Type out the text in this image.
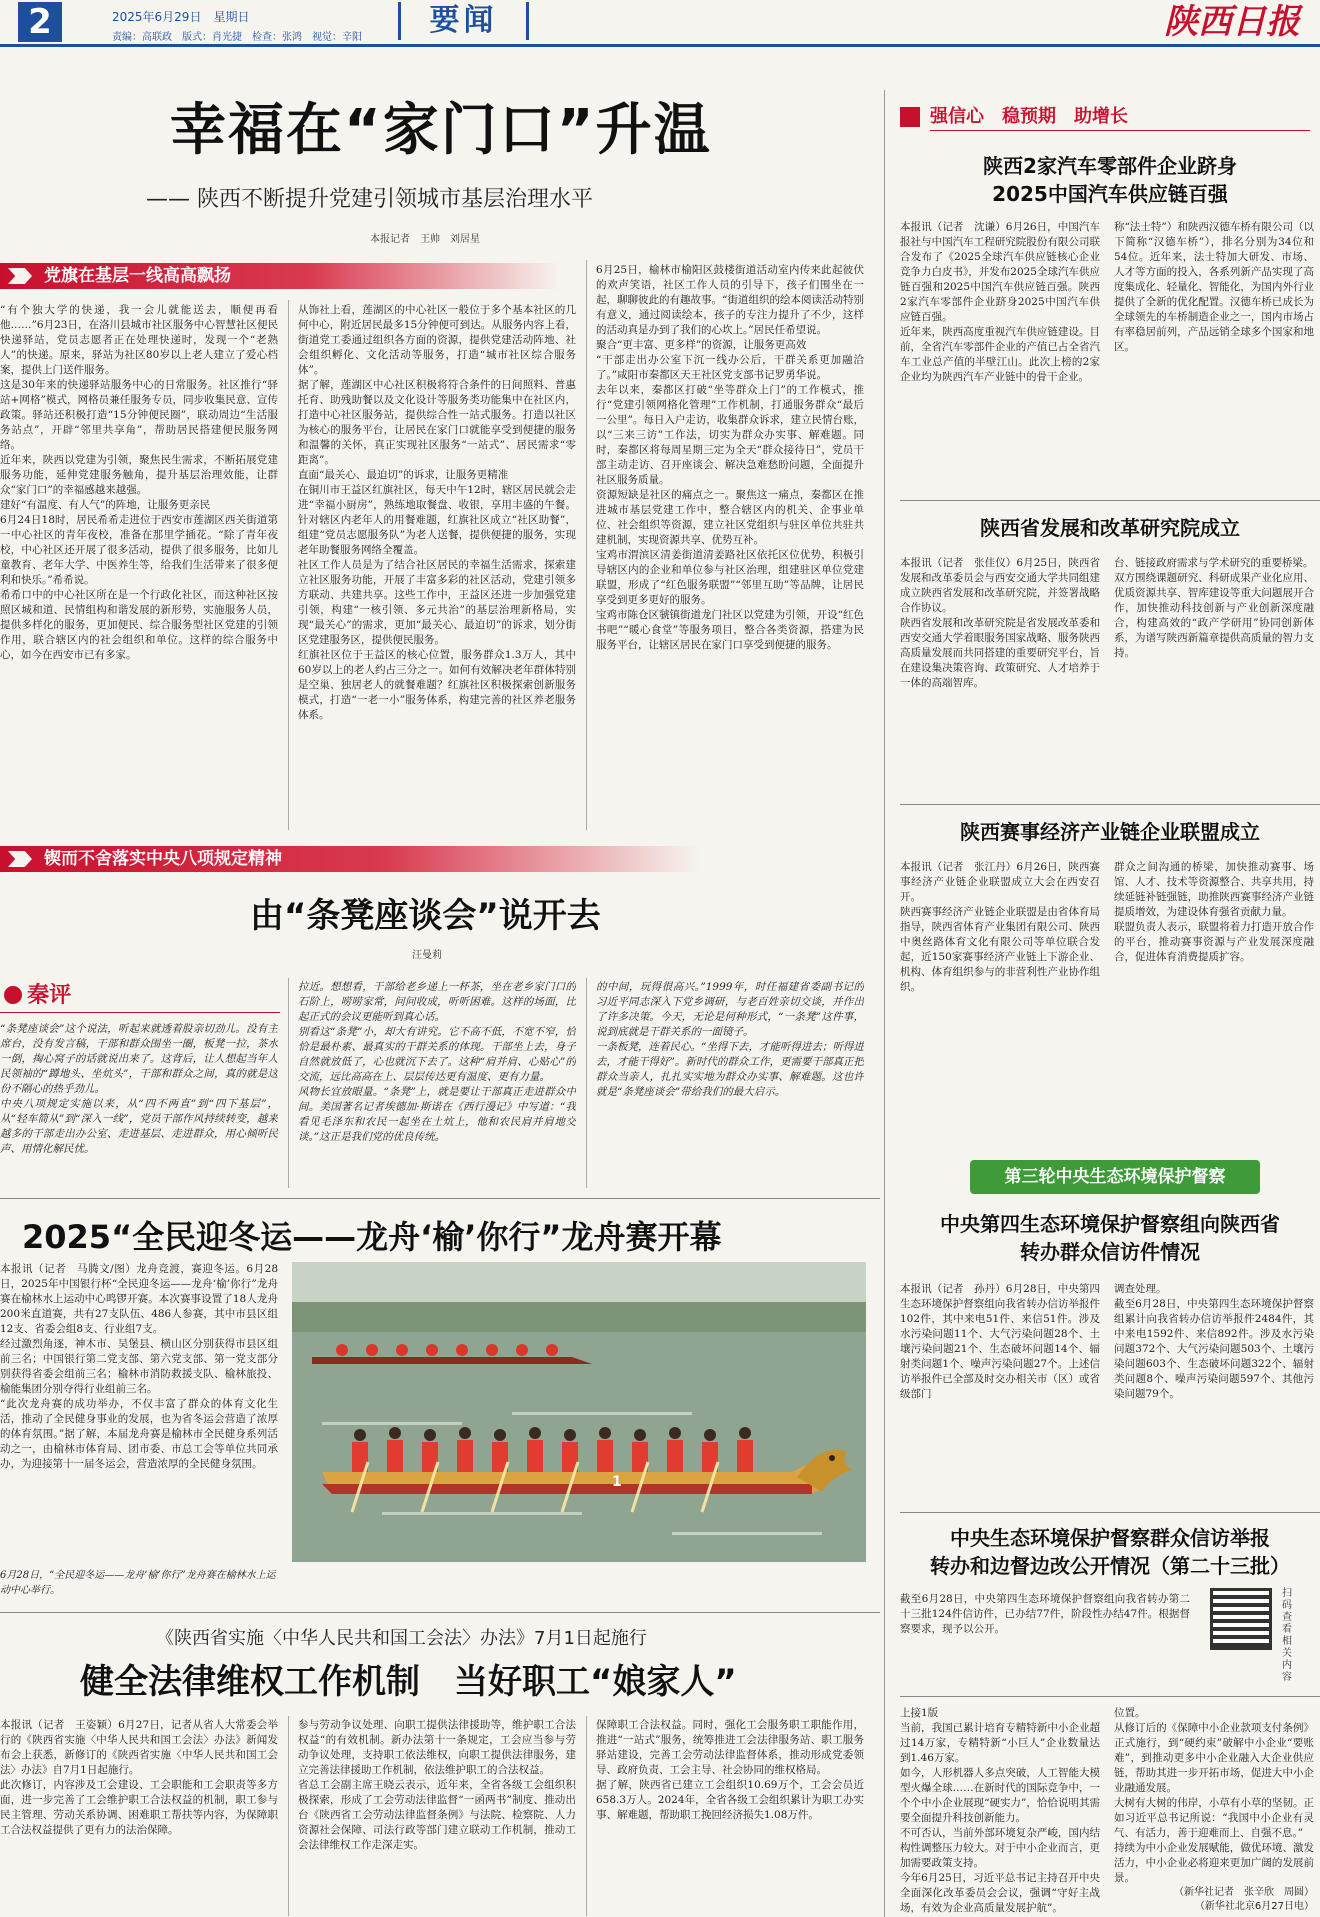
2	2025年6月29日　星期日
责编：高联政　版式：肖光捷　检查：张鸿　视觉：辛阳	要闻	陕西日报
幸福在“家门口”升温
—— 陕西不断提升党建引领城市基层治理水平
本报记者　王帅　刘居星
党旗在基层一线高高飘扬
“有个独大学的快递，我一会儿就能送去，顺便再看他……”6月23日，在洛川县城市社区服务中心智慧社区便民快递驿站，党员志愿者正在处理快递时，发现一个“老熟人”的快递。原来，驿站为社区80岁以上老人建立了爱心档案，提供上门送件服务。
这是30年来的快递驿站服务中心的日常服务。社区推行“驿站+网格”模式，网格员兼任服务专员，同步收集民意、宣传政策。驿站还积极打造“15分钟便民圈”，联动周边“生活服务站点”，开辟“邻里共享角”，帮助居民搭建便民服务网络。
近年来，陕西以党建为引领，聚焦民生需求，不断拓展党建服务功能，延伸党建服务触角，提升基层治理效能，让群众“家门口”的幸福感越来越强。
建好“有温度、有人气”的阵地，让服务更亲民
6月24日18时，居民希希走进位于西安市莲湖区西关街道第一中心社区的青年夜校，准备在那里学插花。“除了青年夜校，中心社区还开展了很多活动，提供了很多服务，比如儿童教育、老年大学、中医养生等，给我们生活带来了很多便利和快乐。”希希说。
希希口中的中心社区所在是一个行政化社区，而这种社区按照区城和道、民情组构和谐发展的新形势，实施服务人员，提供多样化的服务，更加便民、综合服务型社区党建的引领作用，联合辖区内的社会组织和单位。这样的综合服务中心，如今在西安市已有多家。
从饰社上看，莲湖区的中心社区一般位于多个基本社区的几何中心，附近居民最多15分钟便可到达。从服务内容上看，街道党工委通过组织各方面的资源，提供党建活动阵地、社会组织孵化、文化活动等服务，打造“城市社区综合服务体”。
据了解，莲湖区中心社区积极将符合条件的日间照料、普惠托育、助残助餐以及文化设计等服务类功能集中在社区内，打造中心社区服务站，提供综合性一站式服务。打造以社区为核心的服务平台，让居民在家门口就能享受到便捷的服务和温馨的关怀，真正实现社区服务“一站式”、居民需求“零距离”。
直面“最关心、最迫切”的诉求，让服务更精准
在铜川市王益区红旗社区，每天中午12时，辖区居民就会走进“幸福小厨房”，熟练地取餐盘、收银，享用丰盛的午餐。针对辖区内老年人的用餐难题，红旗社区成立“社区助餐”，组建“党员志愿服务队”为老人送餐，提供便捷的服务，实现老年助餐服务网络全覆盖。
社区工作人员是为了结合社区居民的幸福生活需求，探索建立社区服务功能，开展了丰富多彩的社区活动，党建引领多方联动、共建共享。这些工作中，王益区还进一步加强党建引领，构建“一核引领、多元共治”的基层治理新格局，实现“最关心”的需求，更加“最关心、最迫切”的诉求，划分街区党建服务区，提供便民服务。
红旗社区位于王益区的核心位置，服务群众1.3万人，其中60岁以上的老人约占三分之一。如何有效解决老年群体特别是空巢、独居老人的就餐难题？红旗社区积极探索创新服务模式，打造“一老一小”服务体系，构建完善的社区养老服务体系。
6月25日，榆林市榆阳区鼓楼街道活动室内传来此起彼伏的欢声笑语，社区工作人员的引导下，孩子们围坐在一起，聊聊彼此的有趣故事。“街道组织的绘本阅读活动特别有意义，通过阅读绘本，孩子的专注力提升了不少，这样的活动真是办到了我们的心坎上。”居民任希望说。
聚合“更丰富、更多样”的资源，让服务更高效
“干部走出办公室下沉一线办公后，干群关系更加融洽了。”咸阳市秦都区天王社区党支部书记罗勇华说。
去年以来，秦都区打破“坐等群众上门”的工作模式，推行“党建引领网格化管理”工作机制，打通服务群众“最后一公里”。每日入户走访，收集群众诉求，建立民情台账，以“三来三访”工作法，切实为群众办实事、解难题。同时，秦都区将每周星期三定为全天“群众接待日”，党员干部主动走访、召开座谈会、解决急难愁盼问题，全面提升社区服务质量。
资源短缺是社区的痛点之一。聚焦这一痛点，秦都区在推进城市基层党建工作中，整合辖区内的机关、企事业单位、社会组织等资源，建立社区党组织与驻区单位共驻共建机制，实现资源共享、优势互补。
宝鸡市渭滨区清姜街道清姜路社区依托区位优势，积极引导辖区内的企业和单位参与社区治理，组建驻区单位党建联盟，形成了“红色服务联盟”“邻里互助”等品牌，让居民享受到更多更好的服务。
宝鸡市陈仓区虢镇街道龙门社区以党建为引领，开设“红色书吧”“暖心食堂”等服务项目，整合各类资源，搭建为民服务平台，让辖区居民在家门口享受到便捷的服务。
锲而不舍落实中央八项规定精神
由“条凳座谈会”说开去
汪曼莉
秦评
“条凳座谈会”这个说法，听起来就透着股亲切劲儿。没有主席台，没有发言稿，干部和群众围坐一圈，板凳一拉，茶水一倒，掏心窝子的话就说出来了。这背后，让人想起当年人民领袖的“蹲地头、坐炕头”，干部和群众之间，真的就是这份不隔心的热乎劲儿。
中央八项规定实施以来，从“四不两直”到“四下基层”，从“轻车简从”到“深入一线”，党员干部作风持续转变，越来越多的干部走出办公室、走进基层、走进群众，用心倾听民声、用情化解民忧。
拉近。想想看，干部给老乡递上一杯茶，坐在老乡家门口的石阶上，唠唠家常，问问收成，听听困难。这样的场面，比起正式的会议更能听到真心话。
别看这“条凳”小，却大有讲究。它不高不低，不宽不窄，恰恰是最朴素、最真实的干群关系的体现。干部坐上去，身子自然就放低了，心也就沉下去了。这种“肩并肩、心贴心”的交流，远比高高在上、层层传达更有温度、更有力量。
风物长宜放眼量。“条凳”上，就是要让干部真正走进群众中间。美国著名记者埃德加·斯诺在《西行漫记》中写道：“我看见毛泽东和农民一起坐在土炕上，他和农民肩并肩地交谈。”这正是我们党的优良传统。
的中间，玩得很高兴。”1999年，时任福建省委副书记的习近平同志深入下党乡调研，与老百姓亲切交谈，并作出了许多决策。今天，无论是何种形式，“一条凳”这件事，说到底就是干群关系的一面镜子。
一条板凳，连着民心。“坐得下去，才能听得进去；听得进去，才能干得好”。新时代的群众工作，更需要干部真正把群众当亲人，扎扎实实地为群众办实事、解难题。这也许就是“条凳座谈会”带给我们的最大启示。
2025“全民迎冬运——龙舟‘榆’你行”龙舟赛开幕
本报讯（记者　马腾文/图）龙舟竞渡，赛迎冬运。6月28日，2025年中国银行杯“全民迎冬运——龙舟‘榆’你行”龙舟赛在榆林水上运动中心鸣锣开赛。本次赛事设置了18人龙舟200米直道赛，共有27支队伍、486人参赛，其中市县区组12支、省委会组8支、行业组7支。
经过激烈角逐，神木市、吴堡县、横山区分别获得市县区组前三名；中国银行第二党支部、第六党支部、第一党支部分别获得省委会组前三名；榆林市消防救援支队、榆林旅投、榆能集团分别夺得行业组前三名。
“此次龙舟赛的成功举办，不仅丰富了群众的体育文化生活，推动了全民健身事业的发展，也为省冬运会营造了浓厚的体育氛围。”据了解，本届龙舟赛是榆林市全民健身系列活动之一，由榆林市体育局、团市委、市总工会等单位共同承办，为迎接第十一届冬运会，营造浓厚的全民健身氛围。
1
6月28日，“全民迎冬运——龙舟‘榆’你行”龙舟赛在榆林水上运动中心举行。
《陕西省实施〈中华人民共和国工会法〉办法》7月1日起施行
健全法律维权工作机制　当好职工“娘家人”
本报讯（记者　王姿颖）6月27日，记者从省人大常委会举行的《陕西省实施〈中华人民共和国工会法〉办法》新闻发布会上获悉，新修订的《陕西省实施〈中华人民共和国工会法〉办法》自7月1日起施行。
此次修订，内容涉及工会建设、工会职能和工会职责等多方面，进一步完善了工会维护职工合法权益的机制，职工参与民主管理、劳动关系协调、困难职工帮扶等内容，为保障职工合法权益提供了更有力的法治保障。
参与劳动争议处理、向职工提供法律援助等，维护职工合法权益“的有效机制。新办法第十一条规定，工会应当参与劳动争议处理，支持职工依法维权，向职工提供法律服务，建立完善法律援助工作机制，依法维护职工的合法权益。
省总工会副主席王晓云表示，近年来，全省各级工会组织积极探索，形成了工会劳动法律监督“一函两书”制度、推动出台《陕西省工会劳动法律监督条例》与法院、检察院、人力资源社会保障、司法行政等部门建立联动工作机制，推动工会法律维权工作走深走实。
保障职工合法权益。同时，强化工会服务职工职能作用，推进“一站式”服务，统筹推进工会法律服务站、职工服务驿站建设，完善工会劳动法律监督体系，推动形成党委领导、政府负责、工会主导、社会协同的维权格局。
据了解，陕西省已建立工会组织10.69万个，工会会员近658.3万人。2024年，全省各级工会组织累计为职工办实事、解难题，帮助职工挽回经济损失1.08万件。
强信心　稳预期　助增长
陕西2家汽车零部件企业跻身
2025中国汽车供应链百强
本报讯（记者　沈谦）6月26日，中国汽车报社与中国汽车工程研究院股份有限公司联合发布了《2025全球汽车供应链核心企业竞争力白皮书》，并发布2025全球汽车供应链百强和2025中国汽车供应链百强。陕西2家汽车零部件企业跻身2025中国汽车供应链百强。
近年来，陕西高度重视汽车供应链建设。目前，全省汽车零部件企业的产值已占全省汽车工业总产值的半壁江山。此次上榜的2家企业均为陕西汽车产业链中的骨干企业。
称“法士特”）和陕西汉德车桥有限公司（以下简称“汉德车桥”），排名分别为34位和54位。近年来，法士特加大研发、市场、人才等方面的投入，各系列新产品实现了高度集成化、轻量化、智能化，为国内外行业提供了全新的优化配置。汉德车桥已成长为全球领先的车桥制造企业之一，国内市场占有率稳居前列，产品远销全球多个国家和地区。
陕西省发展和改革研究院成立
本报讯（记者　张佳仪）6月25日，陕西省发展和改革委员会与西安交通大学共同组建成立陕西省发展和改革研究院，并签署战略合作协议。
陕西省发展和改革研究院是省发展改革委和西安交通大学着眼服务国家战略、服务陕西高质量发展而共同搭建的重要研究平台，旨在建设集决策咨询、政策研究、人才培养于一体的高端智库。
台、链接政府需求与学术研究的重要桥梁。
双方围绕课题研究、科研成果产业化应用、优质资源共享、智库建设等重大问题展开合作，加快推动科技创新与产业创新深度融合，构建高效的“政产学研用”协同创新体系，为谱写陕西新篇章提供高质量的智力支持。
陕西赛事经济产业链企业联盟成立
本报讯（记者　张江丹）6月26日，陕西赛事经济产业链企业联盟成立大会在西安召开。
陕西赛事经济产业链企业联盟是由省体育局指导，陕西省体育产业集团有限公司、陕西中奥丝路体育文化有限公司等单位联合发起，近150家赛事经济产业链上下游企业、机构、体育组织参与的非营利性产业协作组织。
群众之间沟通的桥梁，加快推动赛事、场馆、人才、技术等资源整合、共享共用，持续延链补链强链，助推陕西赛事经济产业链提质增效，为建设体育强省贡献力量。
联盟负责人表示，联盟将着力打造开放合作的平台，推动赛事资源与产业发展深度融合，促进体育消费提质扩容。
第三轮中央生态环境保护督察
中央第四生态环境保护督察组向陕西省
转办群众信访件情况
本报讯（记者　孙丹）6月28日，中央第四生态环境保护督察组向我省转办信访举报件102件，其中来电51件、来信51件。涉及水污染问题11个、大气污染问题28个、土壤污染问题21个、生态破坏问题14个、辐射类问题1个、噪声污染问题27个。上述信访举报件已全部及时交办相关市（区）或省级部门
调查处理。
截至6月28日，中央第四生态环境保护督察组累计向我省转办信访举报件2484件，其中来电1592件、来信892件。涉及水污染问题372个、大气污染问题503个、土壤污染问题603个、生态破坏问题322个、辐射类问题8个、噪声污染问题597个、其他污染问题79个。
中央生态环境保护督察群众信访举报
转办和边督边改公开情况（第二十三批）
截至6月28日，中央第四生态环境保护督察组向我省转办第二十三批124件信访件，已办结77件，阶段性办结47件。根据督察要求，现予以公开。
扫码查看相关内容
上接1版
当前，我国已累计培育专精特新中小企业超过14万家，专精特新“小巨人”企业数量达到1.46万家。
如今，人形机器人多点突破，人工智能大模型火爆全球……在新时代的国际竞争中，一个个中小企业展现“硬实力”，恰恰说明其需要全面提升科技创新能力。
不可否认，当前外部环境复杂严峻，国内结构性调整压力较大。对于中小企业而言，更加需要政策支持。
今年6月25日，习近平总书记主持召开中央全面深化改革委员会会议，强调“守好主战场，有效为企业高质量发展护航”。
位置。
从修订后的《保障中小企业款项支付条例》正式施行，到“硬约束”破解中小企业“要账难”，到推动更多中小企业融入大企业供应链，帮助其进一步开拓市场，促进大中小企业融通发展。
大树有大树的伟岸，小草有小草的坚韧。正如习近平总书记所说：“我国中小企业有灵气、有活力，善于迎难而上、自强不息。”
持续为中小企业发展赋能，做优环境、激发活力，中小企业必将迎来更加广阔的发展前景。
（新华社记者　张辛欣　周圆）
（新华社北京6月27日电）
